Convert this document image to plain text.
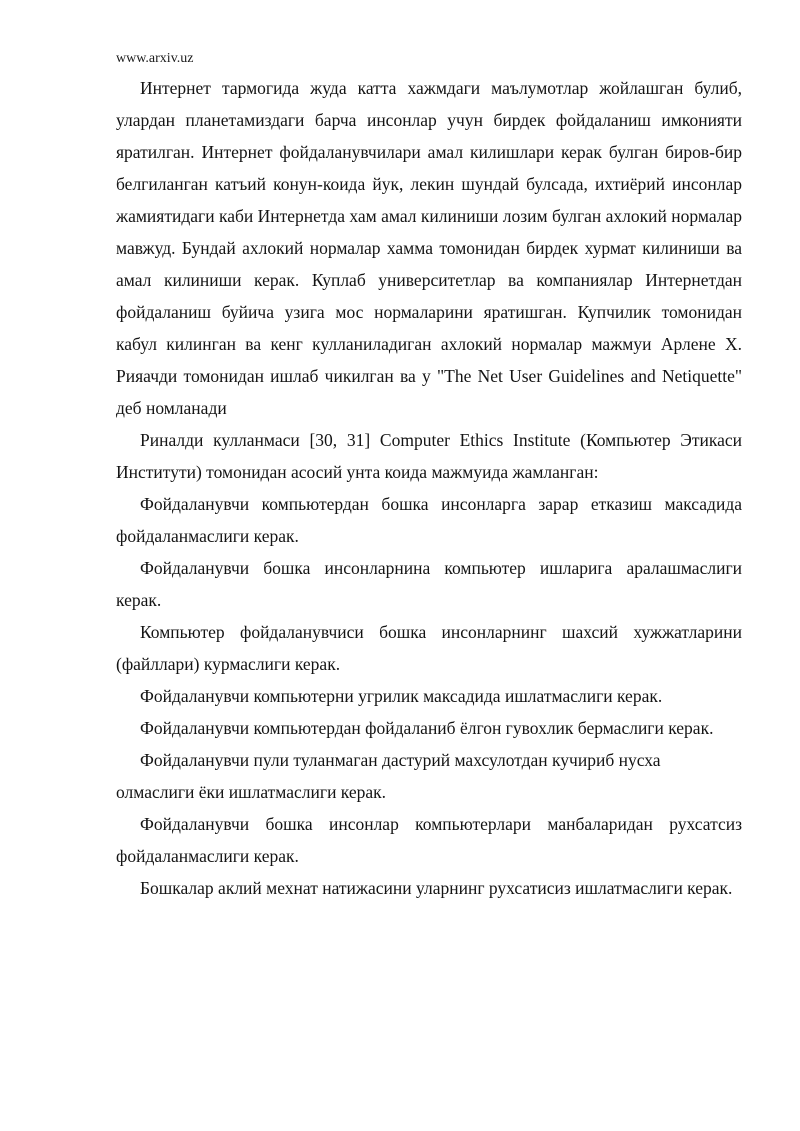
www.arxiv.uz

Интернет тармогида жуда катта хажмдаги маълумотлар жойлашган булиб, улардан планетамиздаги барча инсонлар учун бирдек фойдаланиш имконияти яратилган. Интернет фойдаланувчилари амал килишлари керак булган биров-бир белгиланган катъий конун-коида йук, лекин шундай булсада, ихтиёрий инсонлар жамиятидаги каби Интернетда хам амал килиниши лозим булган ахлокий нормалар мавжуд. Бундай ахлокий нормалар хамма томонидан бирдек хурмат килиниши ва амал килиниши керак. Куплаб университетлар ва компаниялар Интернетдан фойдаланиш буйича узига мос нормаларини яратишган. Купчилик томонидан кабул килинган ва кенг кулланиладиган ахлокий нормалар мажмуи Арлене Х. Рияачди томонидан ишлаб чикилган ва у "The Net User Guidelines and Netiquette" деб номланади

Риналди кулланмаси [30, 31] Computer Ethics Institute (Компьютер Этикаси Институти) томонидан асосий унта коида мажмуида жамланган:

Фойдаланувчи компьютердан бошка инсонларга зарар етказиш максадида фойдаланмаслиги керак.

Фойдаланувчи бошка инсонларнина компьютер ишларига аралашмаслиги керак.

Компьютер фойдаланувчиси бошка инсонларнинг шахсий хужжатларини (файллари) курмаслиги керак.

Фойдаланувчи компьютерни угрилик максадида ишлатмаслиги керак.

Фойдаланувчи компьютердан фойдаланиб ёлгон гувохлик бермаслиги керак.

Фойдаланувчи пули туланмаган дастурий махсулотдан кучириб нусха олмаслиги ёки ишлатмаслиги керак.

Фойдаланувчи бошка инсонлар компьютерлари манбаларидан рухсатсиз фойдаланмаслиги керак.

Бошкалар аклий мехнат натижасини уларнинг рухсатисиз ишлатмаслиги керак.
